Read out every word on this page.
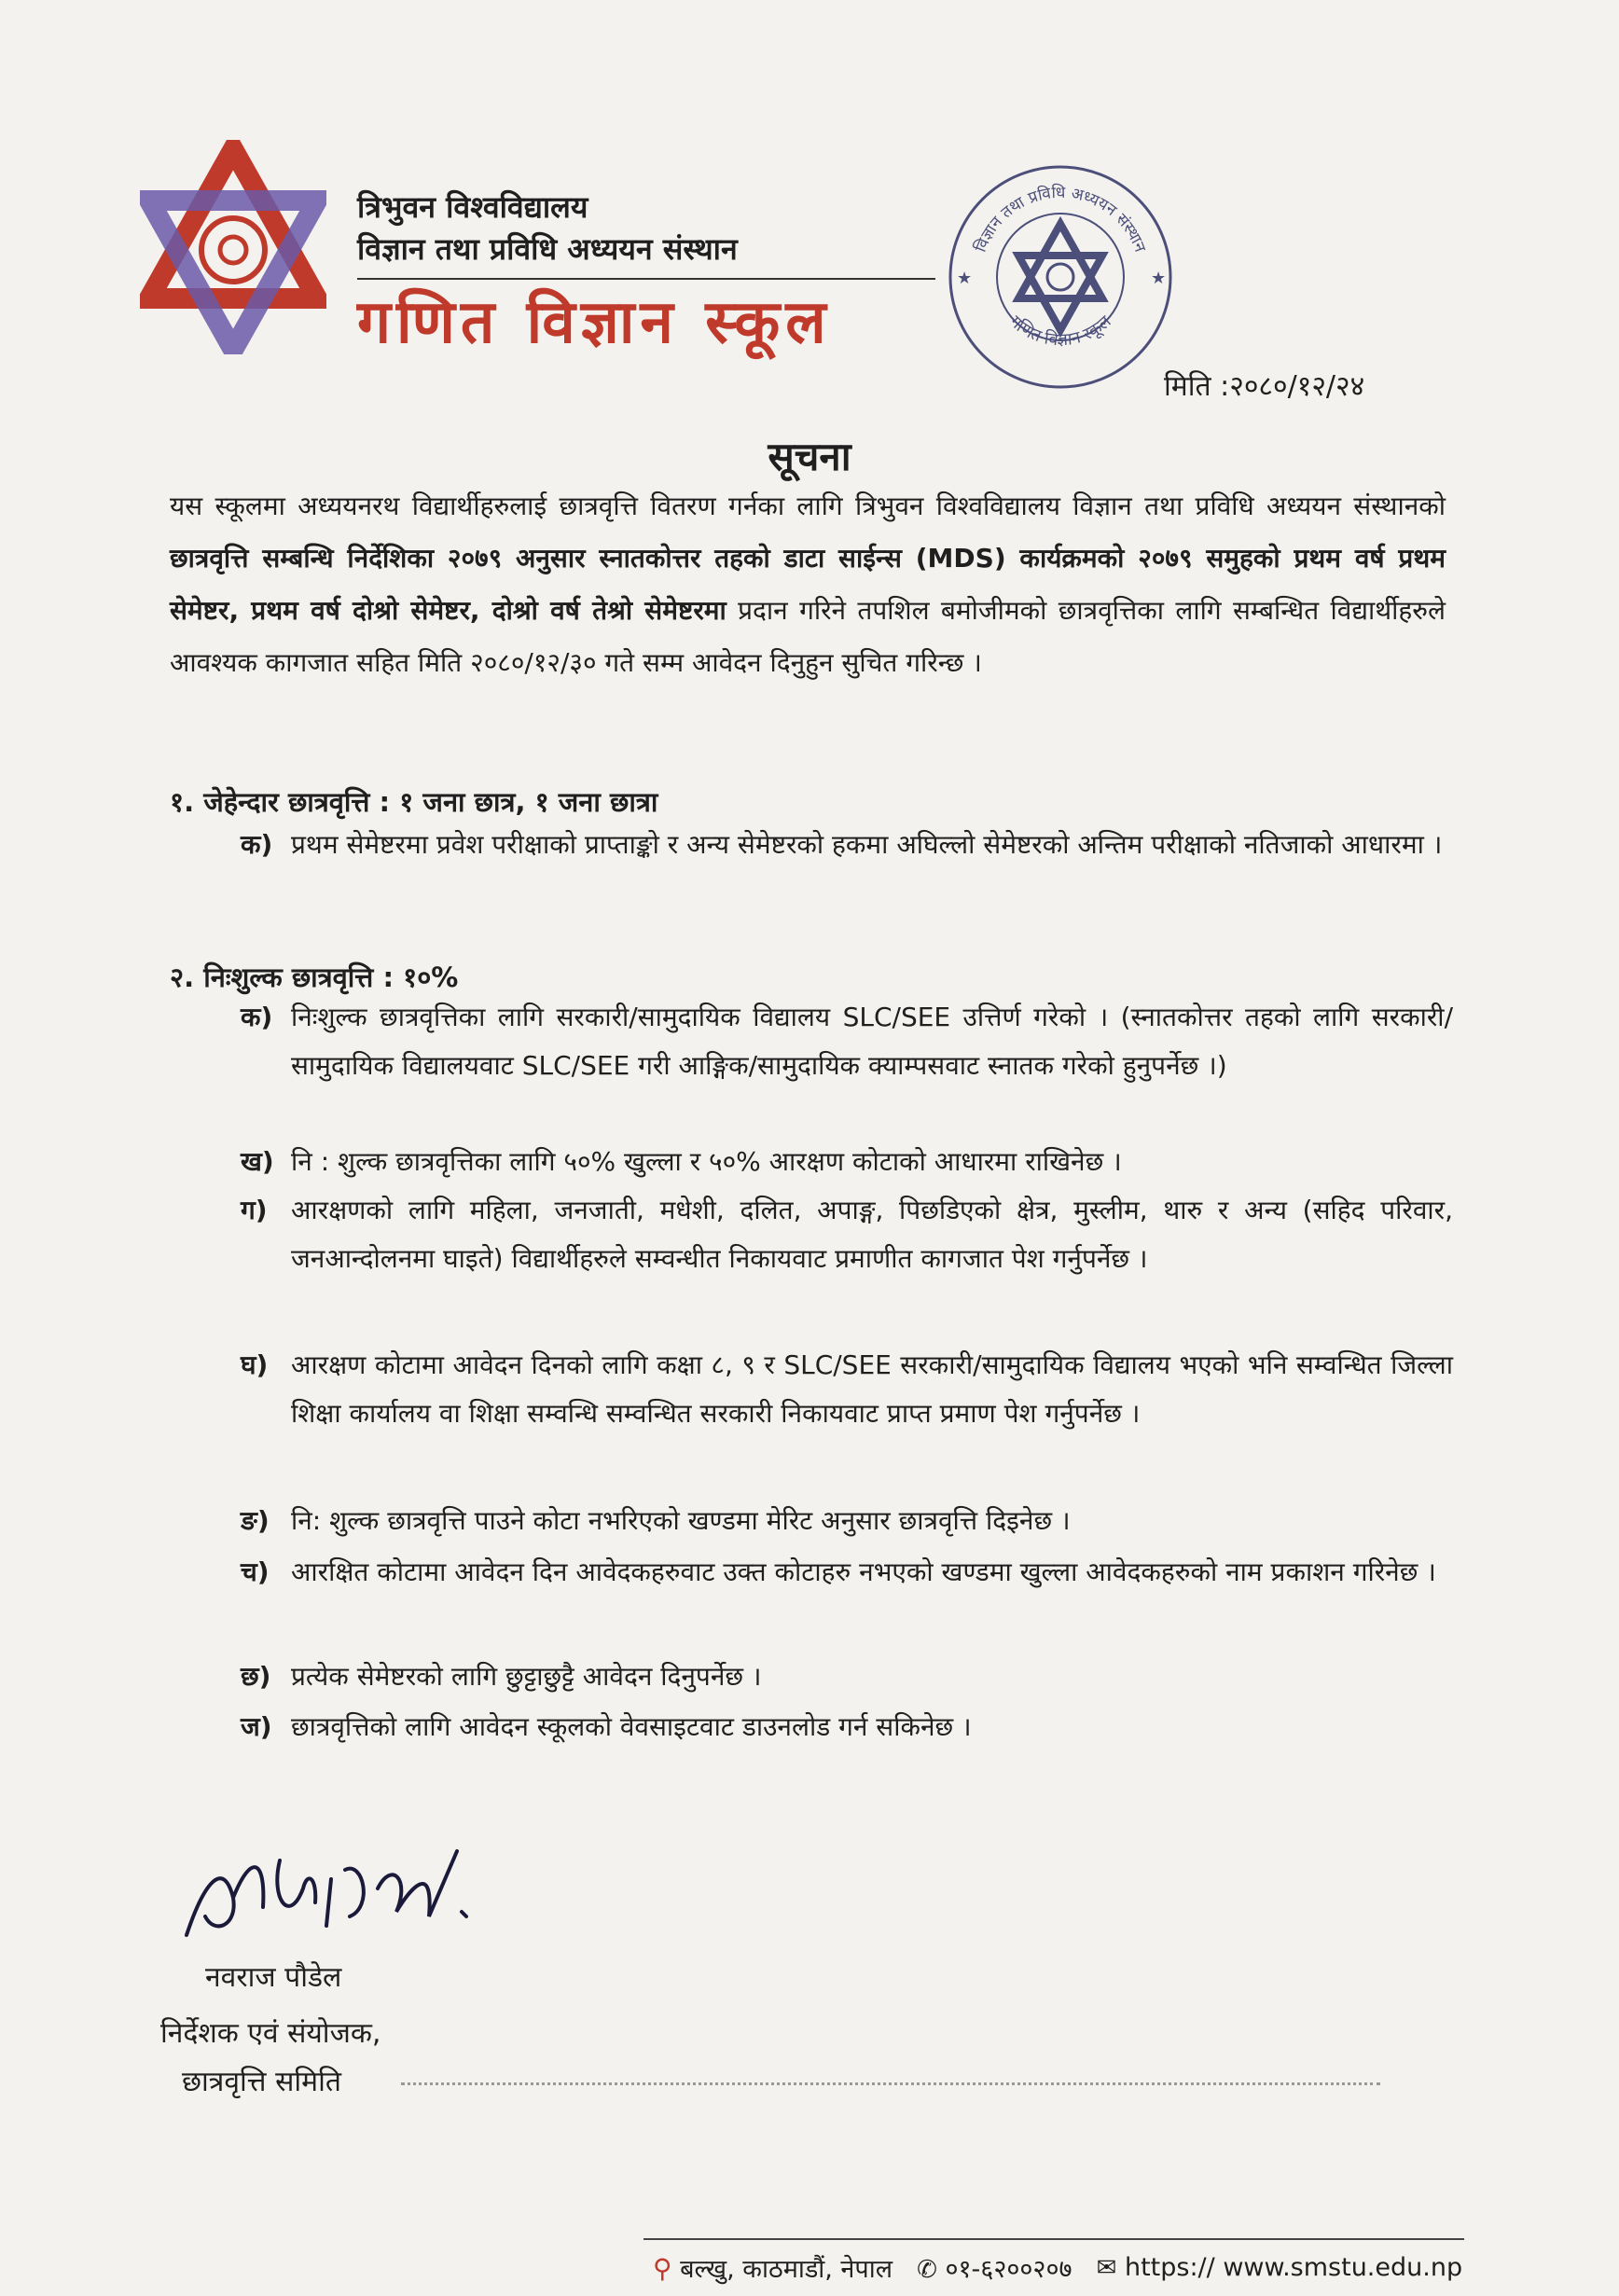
त्रिभुवन विश्वविद्यालय
विज्ञान तथा प्रविधि अध्ययन संस्थान
गणित विज्ञान स्कूल
विज्ञान तथा प्रविधि अध्ययन संस्थान
गणित विज्ञान स्कूल
★	★
मिति :२०८०/१२/२४
सूचना
यस स्कूलमा अध्ययनरथ विद्यार्थीहरुलाई छात्रवृत्ति वितरण गर्नका लागि त्रिभुवन विश्वविद्यालय विज्ञान तथा प्रविधि अध्ययन संस्थानको छात्रवृत्ति सम्बन्धि निर्देशिका २०७९ अनुसार स्नातकोत्तर तहको डाटा साईन्स (MDS) कार्यक्रमको २०७९ समुहको प्रथम वर्ष प्रथम सेमेष्टर, प्रथम वर्ष दोश्रो सेमेष्टर, दोश्रो वर्ष तेश्रो सेमेष्टरमा प्रदान गरिने तपशिल बमोजीमको छात्रवृत्तिका लागि सम्बन्धित विद्यार्थीहरुले आवश्यक कागजात सहित मिति २०८०/१२/३० गते सम्म आवेदन दिनुहुन सुचित गरिन्छ ।
१. जेहेन्दार छात्रवृत्ति : १ जना छात्र, १ जना छात्रा
क) प्रथम सेमेष्टरमा प्रवेश परीक्षाको प्राप्ताङ्को र अन्य सेमेष्टरको हकमा अघिल्लो सेमेष्टरको अन्तिम परीक्षाको नतिजाको आधारमा ।
२. निःशुल्क छात्रवृत्ति : १०%
क) निःशुल्क छात्रवृत्तिका लागि सरकारी/सामुदायिक विद्यालय SLC/SEE उत्तिर्ण गरेको । (स्नातकोत्तर तहको लागि सरकारी/सामुदायिक विद्यालयवाट SLC/SEE गरी आङ्गिक/सामुदायिक क्याम्पसवाट स्नातक गरेको हुनुपर्नेछ ।)
ख) नि : शुल्क छात्रवृत्तिका लागि ५०% खुल्ला र ५०% आरक्षण कोटाको आधारमा राखिनेछ ।
ग) आरक्षणको लागि महिला, जनजाती, मधेशी, दलित, अपाङ्ग, पिछडिएको क्षेत्र, मुस्लीम, थारु र अन्य (सहिद परिवार, जनआन्दोलनमा घाइते) विद्यार्थीहरुले सम्वन्धीत निकायवाट प्रमाणीत कागजात पेश गर्नुपर्नेछ ।
घ) आरक्षण कोटामा आवेदन दिनको लागि कक्षा ८, ९ र SLC/SEE सरकारी/सामुदायिक विद्यालय भएको भनि सम्वन्धित जिल्ला शिक्षा कार्यालय वा शिक्षा सम्वन्धि सम्वन्धित सरकारी निकायवाट प्राप्त प्रमाण पेश गर्नुपर्नेछ ।
ङ) नि: शुल्क छात्रवृत्ति पाउने कोटा नभरिएको खण्डमा मेरिट अनुसार छात्रवृत्ति दिइनेछ ।
च) आरक्षित कोटामा आवेदन दिन आवेदकहरुवाट उक्त कोटाहरु नभएको खण्डमा खुल्ला आवेदकहरुको नाम प्रकाशन गरिनेछ ।
छ) प्रत्येक सेमेष्टरको लागि छुट्टाछुट्टै आवेदन दिनुपर्नेछ ।
ज) छात्रवृत्तिको लागि आवेदन स्कूलको वेवसाइटवाट डाउनलोड गर्न सकिनेछ ।
नवराज पौडेल
निर्देशक एवं संयोजक,
छात्रवृत्ति समिति
⚲ बल्खु, काठमाडौं, नेपाल ✆ ०१-६२००२०७ ✉ https:// www.smstu.edu.np
